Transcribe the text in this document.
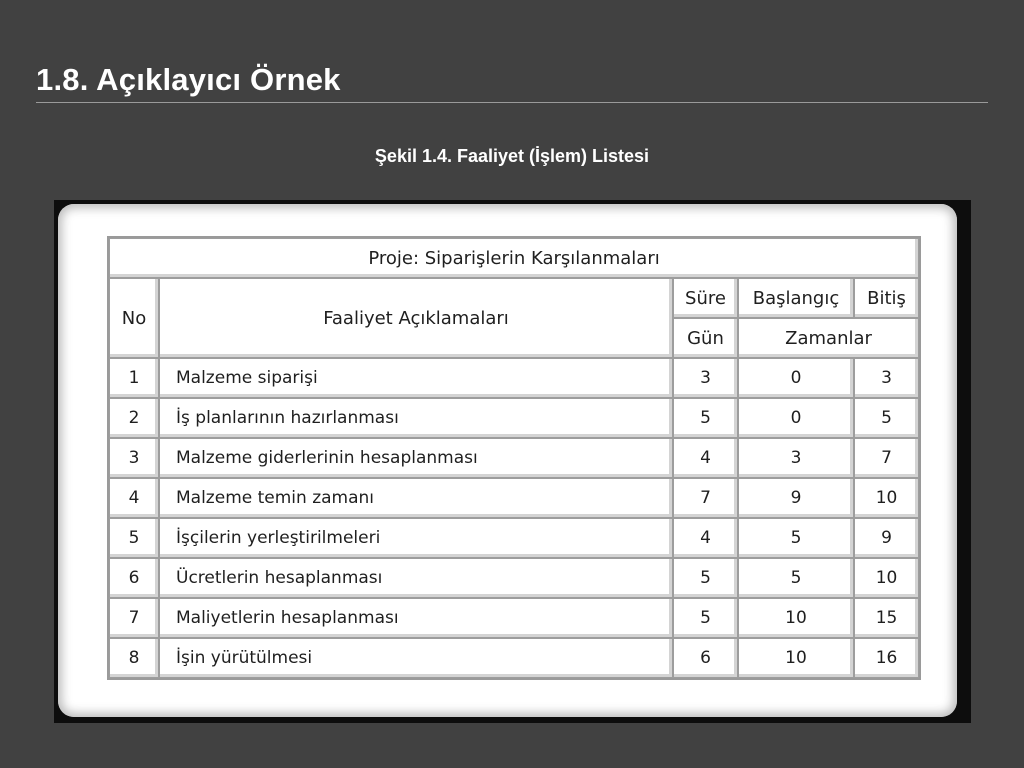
1.8. Açıklayıcı Örnek
Şekil 1.4. Faaliyet (İşlem) Listesi
Proje: Siparişlerin Karşılanmaları				
No	Faaliyet Açıklamaları	Süre	Başlangıç	Bitiş
		Gün	Zamanlar	
1	Malzeme siparişi	3	0	3
2	İş planlarının hazırlanması	5	0	5
3	Malzeme giderlerinin hesaplanması	4	3	7
4	Malzeme temin zamanı	7	9	10
5	İşçilerin yerleştirilmeleri	4	5	9
6	Ücretlerin hesaplanması	5	5	10
7	Maliyetlerin hesaplanması	5	10	15
8	İşin yürütülmesi	6	10	16
